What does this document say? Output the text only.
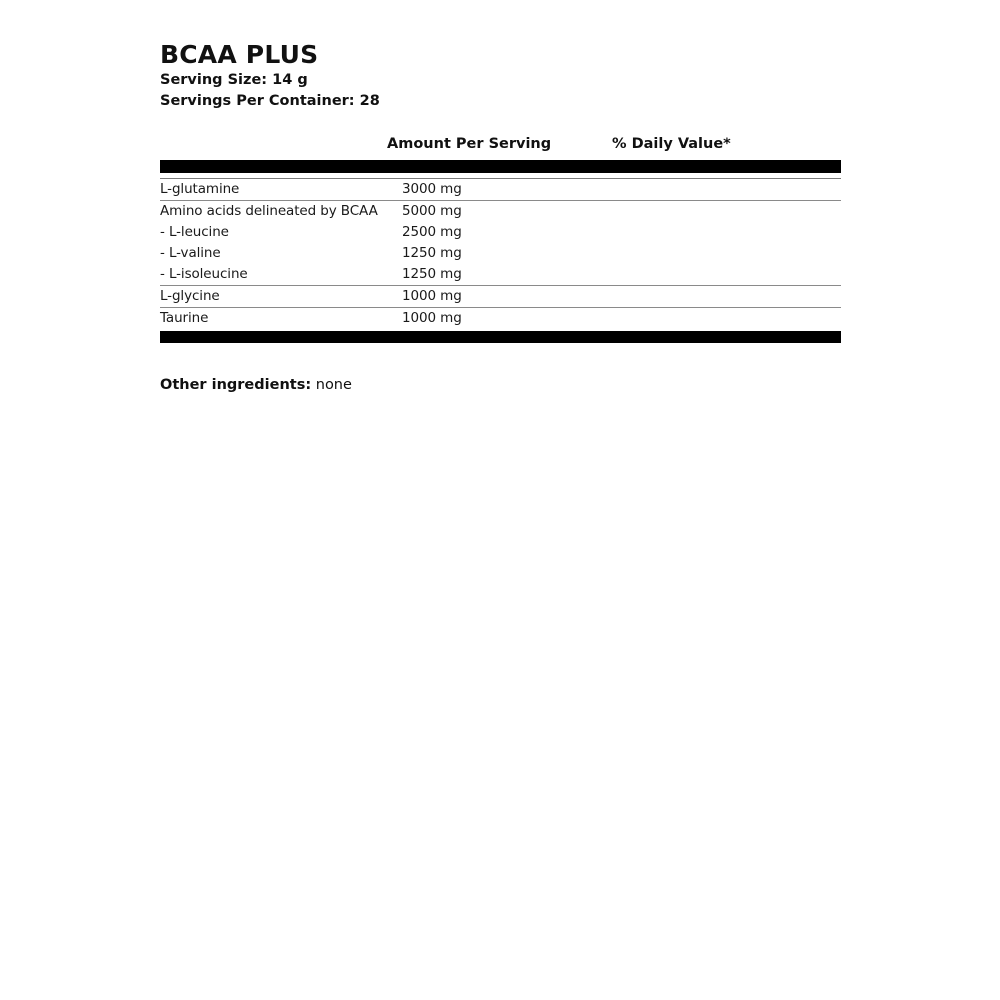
BCAA PLUS
Serving Size: 14 g
Servings Per Container: 28
Amount Per Serving	% Daily Value*
L-glutamine	3000 mg
Amino acids delineated by BCAA 5000 mg
- L-leucine	2500 mg
- L-valine	1250 mg
- L-isoleucine	1250 mg
L-glycine	1000 mg
Taurine	1000 mg
Other ingredients: none
